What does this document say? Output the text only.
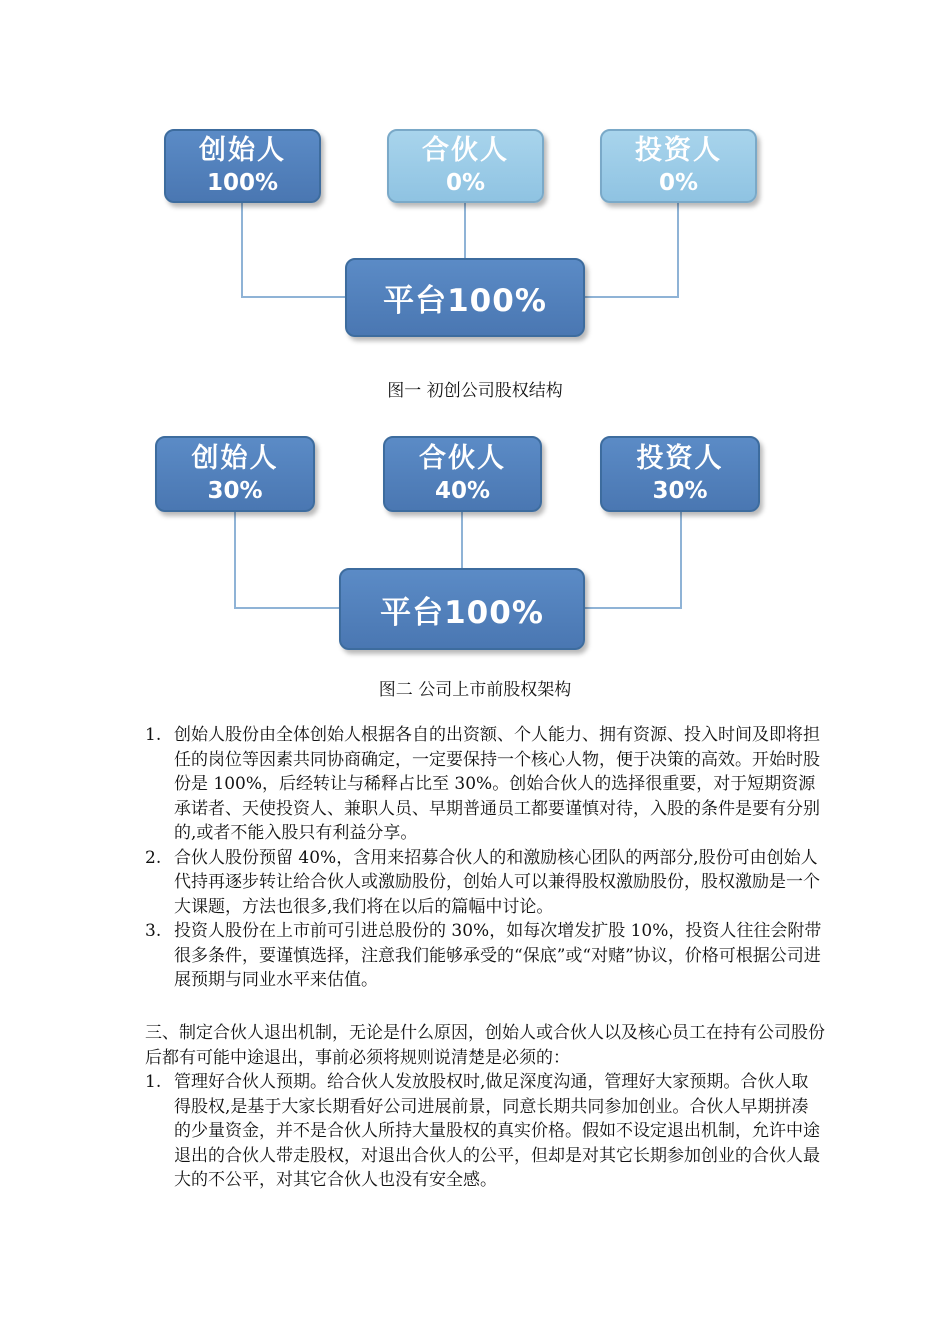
创始人
100%
合伙人
0%
投资人
0%
平台100%
图一 初创公司股权结构
创始人
30%
合伙人
40%
投资人
30%
平台100%
图二 公司上市前股权架构
1. 创始人股份由全体创始人根据各自的出资额、个人能力、拥有资源、投入时间及即将担任的岗位等因素共同协商确定，一定要保持一个核心人物，便于决策的高效。开始时股份是 100%，后经转让与稀释占比至 30%。创始合伙人的选择很重要，对于短期资源承诺者、天使投资人、兼职人员、早期普通员工都要谨慎对待，入股的条件是要有分别的,或者不能入股只有利益分享。
2. 合伙人股份预留 40%，含用来招募合伙人的和激励核心团队的两部分,股份可由创始人代持再逐步转让给合伙人或激励股份，创始人可以兼得股权激励股份，股权激励是一个大课题，方法也很多,我们将在以后的篇幅中讨论。
3. 投资人股份在上市前可引进总股份的 30%，如每次增发扩股 10%，投资人往往会附带很多条件，要谨慎选择，注意我们能够承受的“保底”或“对赌”协议，价格可根据公司进展预期与同业水平来估值。

三、制定合伙人退出机制，无论是什么原因，创始人或合伙人以及核心员工在持有公司股份后都有可能中途退出，事前必须将规则说清楚是必须的：

1. 管理好合伙人预期。给合伙人发放股权时,做足深度沟通，管理好大家预期。合伙人取得股权,是基于大家长期看好公司进展前景，同意长期共同参加创业。合伙人早期拼凑的少量资金，并不是合伙人所持大量股权的真实价格。假如不设定退出机制，允许中途退出的合伙人带走股权，对退出合伙人的公平，但却是对其它长期参加创业的合伙人最大的不公平，对其它合伙人也没有安全感。
